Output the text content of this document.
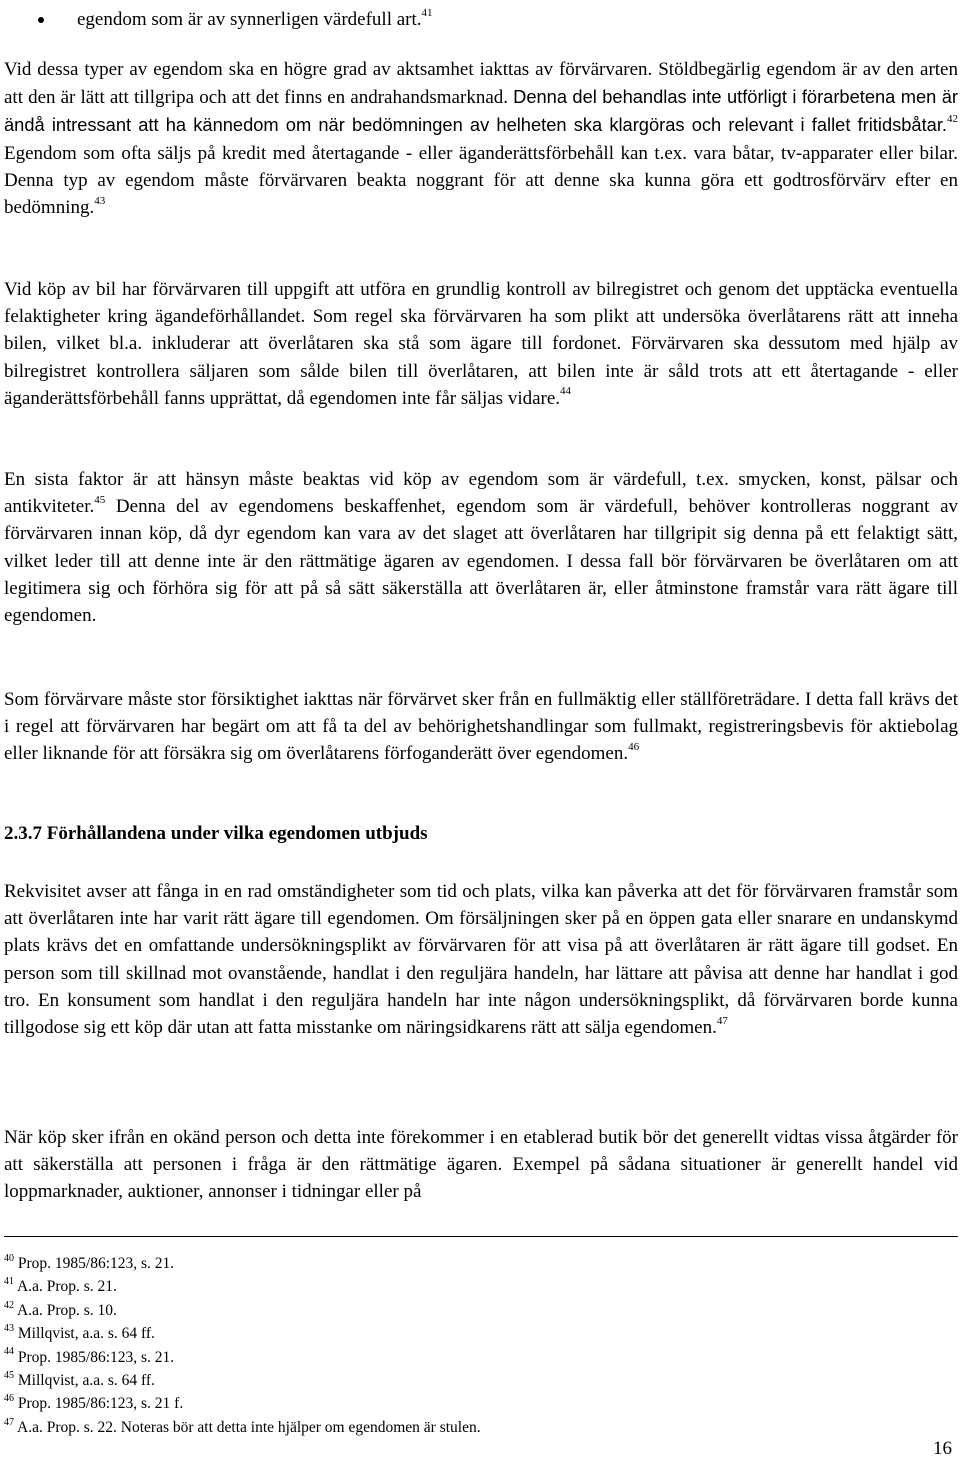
egendom som är av synnerligen värdefull art.$^{41}$

Vid dessa typer av egendom ska en högre grad av aktsamhet iakttas av förvärvaren. Stöldbegärlig egendom är av den arten att den är lätt att tillgripa och att det finns en andrahandsmarknad. Denna del behandlas inte utförligt i förarbetena men är ändå intressant att ha kännedom om när bedömningen av helheten ska klargöras och relevant i fallet fritidsbåtar.$^{42}$ Egendom som ofta säljs på kredit med återtagande - eller äganderättsförbehåll kan t.ex. vara båtar, tv-apparater eller bilar. Denna typ av egendom måste förvärvaren beakta noggrant för att denne ska kunna göra ett godtrosförvärv efter en bedömning.$^{43}$

Vid köp av bil har förvärvaren till uppgift att utföra en grundlig kontroll av bilregistret och genom det upptäcka eventuella felaktigheter kring ägandeförhållandet. Som regel ska förvärvaren ha som plikt att undersöka överlåtarens rätt att inneha bilen, vilket bl.a. inkluderar att överlåtaren ska stå som ägare till fordonet. Förvärvaren ska dessutom med hjälp av bilregistret kontrollera säljaren som sålde bilen till överlåtaren, att bilen inte är såld trots att ett återtagande - eller äganderättsförbehåll fanns upprättat, då egendomen inte får säljas vidare.$^{44}$

En sista faktor är att hänsyn måste beaktas vid köp av egendom som är värdefull, t.ex. smycken, konst, pälsar och antikviteter.$^{45}$ Denna del av egendomens beskaffenhet, egendom som är värdefull, behöver kontrolleras noggrant av förvärvaren innan köp, då dyr egendom kan vara av det slaget att överlåtaren har tillgripit sig denna på ett felaktigt sätt, vilket leder till att denne inte är den rättmätige ägaren av egendomen. I dessa fall bör förvärvaren be överlåtaren om att legitimera sig och förhöra sig för att på så sätt säkerställa att överlåtaren är, eller åtminstone framstår vara rätt ägare till egendomen.

Som förvärvare måste stor försiktighet iakttas när förvärvet sker från en fullmäktig eller ställföreträdare. I detta fall krävs det i regel att förvärvaren har begärt om att få ta del av behörighetshandlingar som fullmakt, registreringsbevis för aktiebolag eller liknande för att försäkra sig om överlåtarens förfoganderätt över egendomen.$^{46}$

2.3.7 Förhållandena under vilka egendomen utbjuds

Rekvisitet avser att fånga in en rad omständigheter som tid och plats, vilka kan påverka att det för förvärvaren framstår som att överlåtaren inte har varit rätt ägare till egendomen. Om försäljningen sker på en öppen gata eller snarare en undanskymd plats krävs det en omfattande undersökningsplikt av förvärvaren för att visa på att överlåtaren är rätt ägare till godset. En person som till skillnad mot ovanstående, handlat i den reguljära handeln, har lättare att påvisa att denne har handlat i god tro. En konsument som handlat i den reguljära handeln har inte någon undersökningsplikt, då förvärvaren borde kunna tillgodose sig ett köp där utan att fatta misstanke om näringsidkarens rätt att sälja egendomen.$^{47}$

När köp sker ifrån en okänd person och detta inte förekommer i en etablerad butik bör det generellt vidtas vissa åtgärder för att säkerställa att personen i fråga är den rättmätige ägaren. Exempel på sådana situationer är generellt handel vid loppmarknader, auktioner, annonser i tidningar eller på

$^{40}$ Prop. 1985/86:123, s. 21.
$^{41}$ A.a. Prop. s. 21.
$^{42}$ A.a. Prop. s. 10.
$^{43}$ Millqvist, a.a. s. 64 ff.
$^{44}$ Prop. 1985/86:123, s. 21.
$^{45}$ Millqvist, a.a. s. 64 ff.
$^{46}$ Prop. 1985/86:123, s. 21 f.
$^{47}$ A.a. Prop. s. 22. Noteras bör att detta inte hjälper om egendomen är stulen.
16
